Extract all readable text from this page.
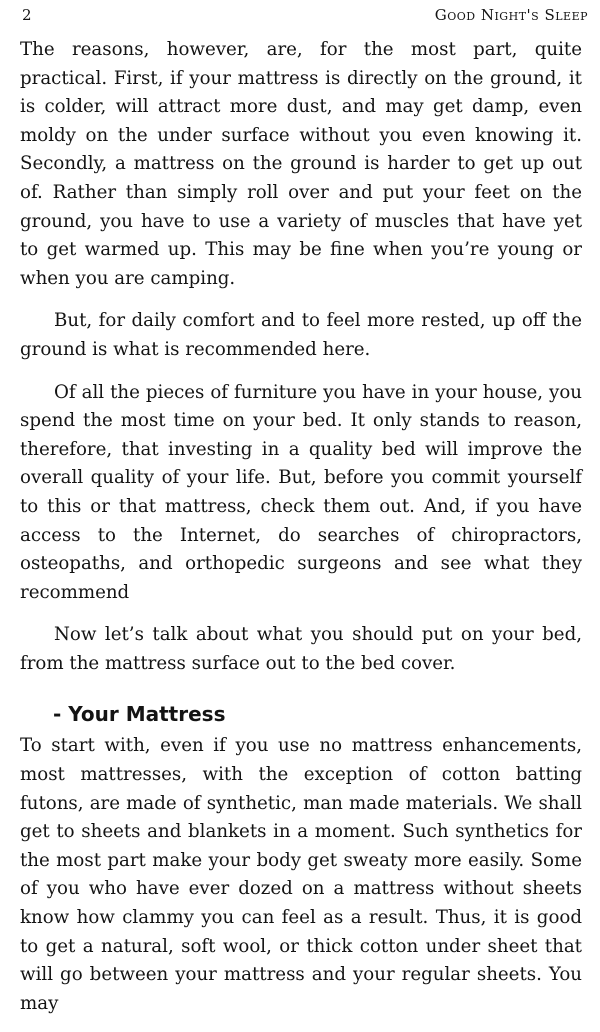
2	Good Night's Sleep

The reasons, however, are, for the most part, quite practical. First, if your mattress is directly on the ground, it is colder, will attract more dust, and may get damp, even moldy on the under surface without you even knowing it. Secondly, a mattress on the ground is harder to get up out of. Rather than simply roll over and put your feet on the ground, you have to use a variety of muscles that have yet to get warmed up. This may be fine when you’re young or when you are camping.

But, for daily comfort and to feel more rested, up off the ground is what is recommended here.

Of all the pieces of furniture you have in your house, you spend the most time on your bed. It only stands to reason, therefore, that investing in a quality bed will improve the overall quality of your life. But, before you commit yourself to this or that mattress, check them out. And, if you have access to the Internet, do searches of chiropractors, osteopaths, and orthopedic surgeons and see what they recommend

Now let’s talk about what you should put on your bed, from the mattress surface out to the bed cover.

- Your Mattress

To start with, even if you use no mattress enhancements, most mattresses, with the exception of cotton batting futons, are made of synthetic, man made materials. We shall get to sheets and blankets in a moment. Such synthetics for the most part make your body get sweaty more easily. Some of you who have ever dozed on a mattress without sheets know how clammy you can feel as a result. Thus, it is good to get a natural, soft wool, or thick cotton under sheet that will go between your mattress and your regular sheets. You may
